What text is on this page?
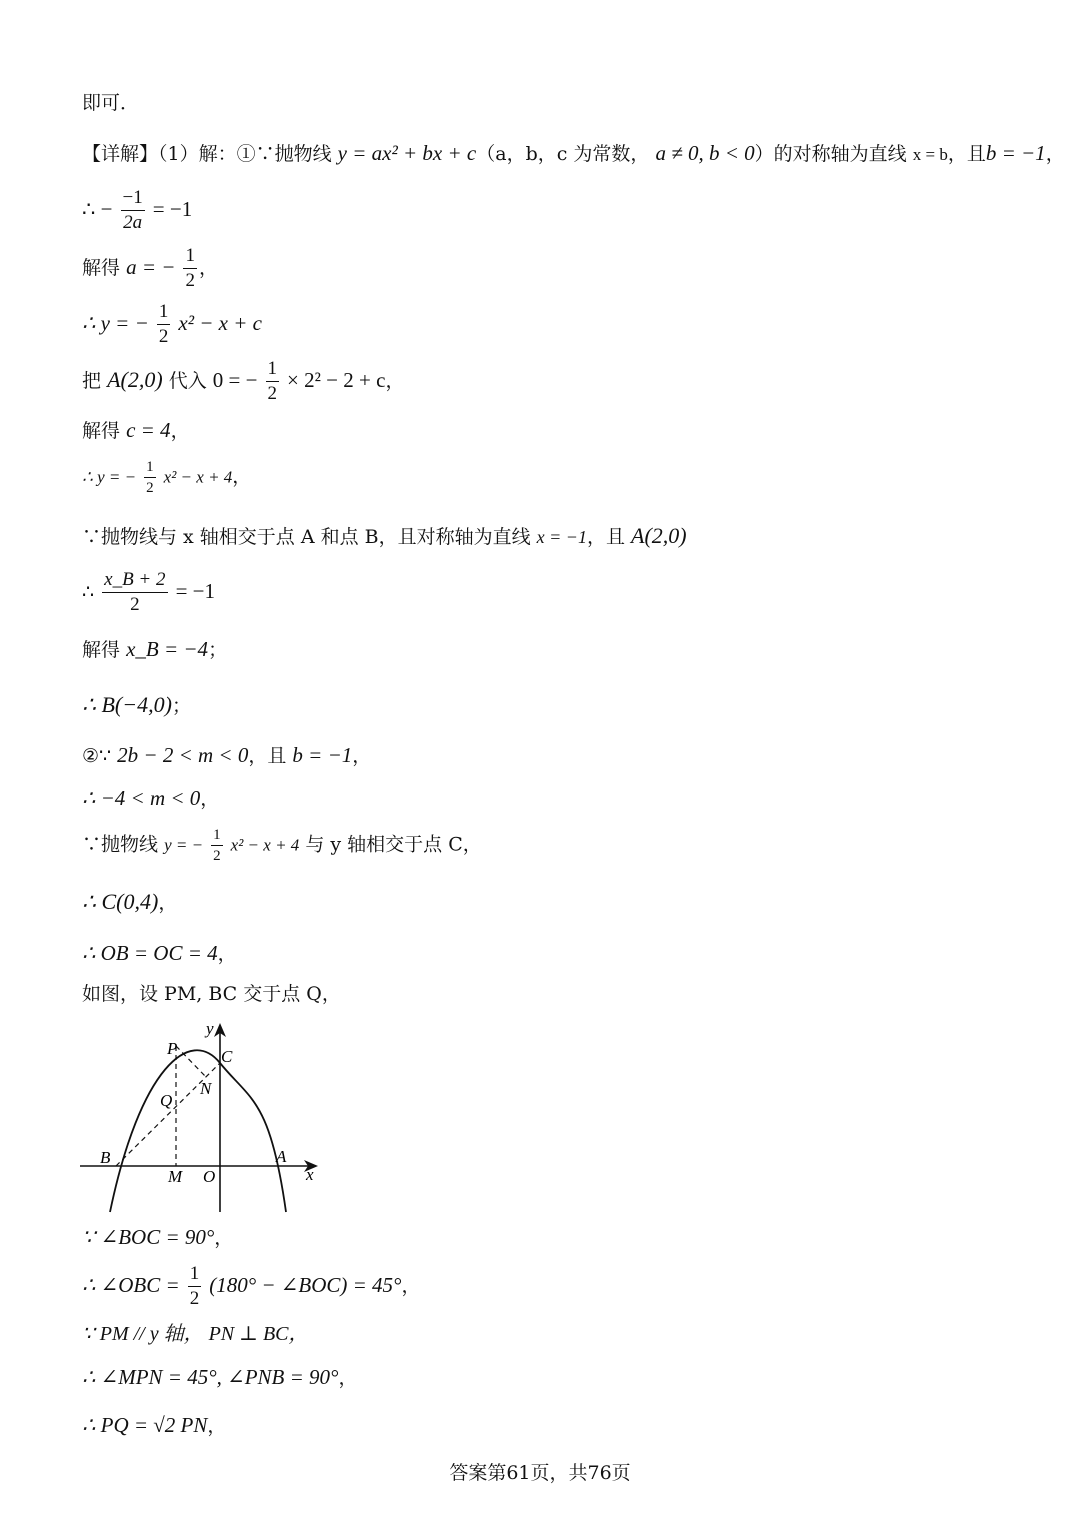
即可．
【详解】（1）解：①∵抛物线 y = ax² + bx + c（a，b，c 为常数， a ≠ 0, b < 0）的对称轴为直线 x = b，且b = −1，
∴ − $\frac{-1}{2a} = -1$
解得 a = − $\frac{1}{2}$ ，
∴ y = − $\frac{1}{2} x^2 - x + c$
把 A(2,0) 代入 0 = − $\frac{1}{2} \times 2^2 - 2 + c$，
解得 c = 4，
∴ y = − $\frac{1}{2} x^2 - x + 4$，
∵抛物线与 x 轴相交于点 A 和点 B，且对称轴为直线 x = −1，且 A(2,0)
∴ $\frac{x\_B + 2}{2} = -1$
解得 x_B = −4；
∴ B(−4,0)；
②∵ 2b − 2 < m < 0，且 b = −1，
∴ −4 < m < 0，
∵抛物线 y = − $\frac{1}{2} x^2 - x + 4$ 与 y 轴相交于点 C，
∴ C(0,4)，
∴ OB = OC = 4，
如图，设 PM, BC 交于点 Q，
y
x
P	C
N
Q
B	A
M O
∵ ∠BOC = 90°，
∴ ∠OBC = $\frac{1}{2} (180^\circ$ − ∠BOC) = 45°，
∵ PM // y 轴， PN ⊥ BC，
∴ ∠MPN = 45°, ∠PNB = 90°，
∴ PQ = √2 PN，
答案第61页，共76页
